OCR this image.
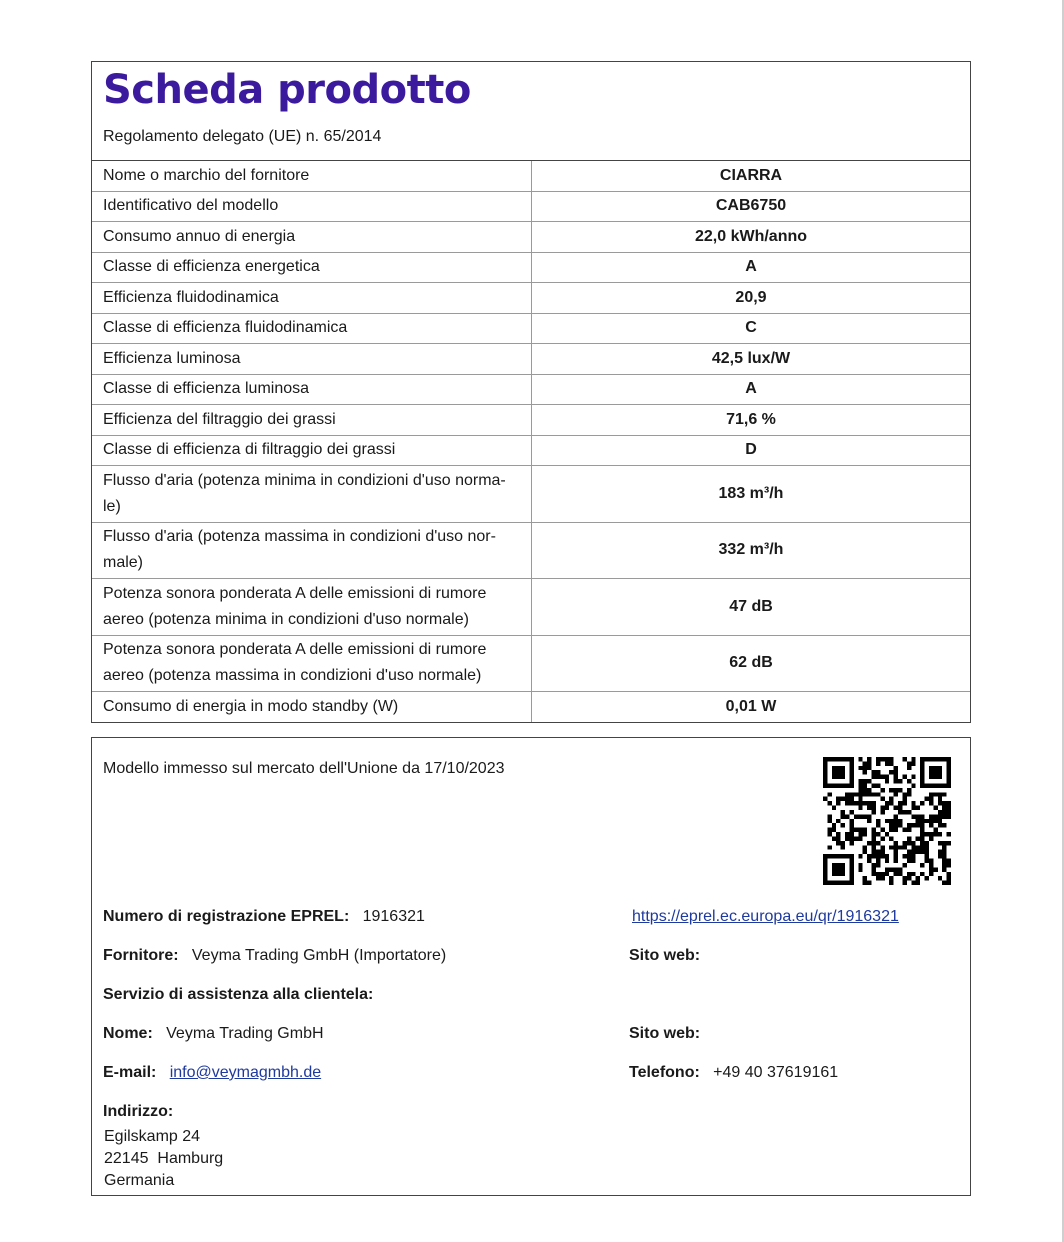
Scheda prodotto
Regolamento delegato (UE) n. 65/2014
Nome o marchio del fornitore	CIARRA
Identificativo del modello	CAB6750
Consumo annuo di energia	22,0 kWh/anno
Classe di efficienza energetica	A
Efficienza fluidodinamica	20,9
Classe di efficienza fluidodinamica	C
Efficienza luminosa	42,5 lux/W
Classe di efficienza luminosa	A
Efficienza del filtraggio dei grassi	71,6 %
Classe di efficienza di filtraggio dei grassi	D
Flusso d'aria (potenza minima in condizioni d'uso norma-
le)	183 m³/h
Flusso d'aria (potenza massima in condizioni d'uso nor-
male)	332 m³/h
Potenza sonora ponderata A delle emissioni di rumore
aereo (potenza minima in condizioni d'uso normale)	47 dB
Potenza sonora ponderata A delle emissioni di rumore
aereo (potenza massima in condizioni d'uso normale)	62 dB
Consumo di energia in modo standby (W)	0,01 W
Modello immesso sul mercato dell'Unione da 17/10/2023
Numero di registrazione EPREL: 1916321	https://eprel.ec.europa.eu/qr/1916321
Fornitore: Veyma Trading GmbH (Importatore)	Sito web:
Servizio di assistenza alla clientela:
Nome: Veyma Trading GmbH	Sito web:
E-mail: info@veymagmbh.de	Telefono: +49 40 37619161
Indirizzo:
Egilskamp 24
22145  Hamburg
Germania
